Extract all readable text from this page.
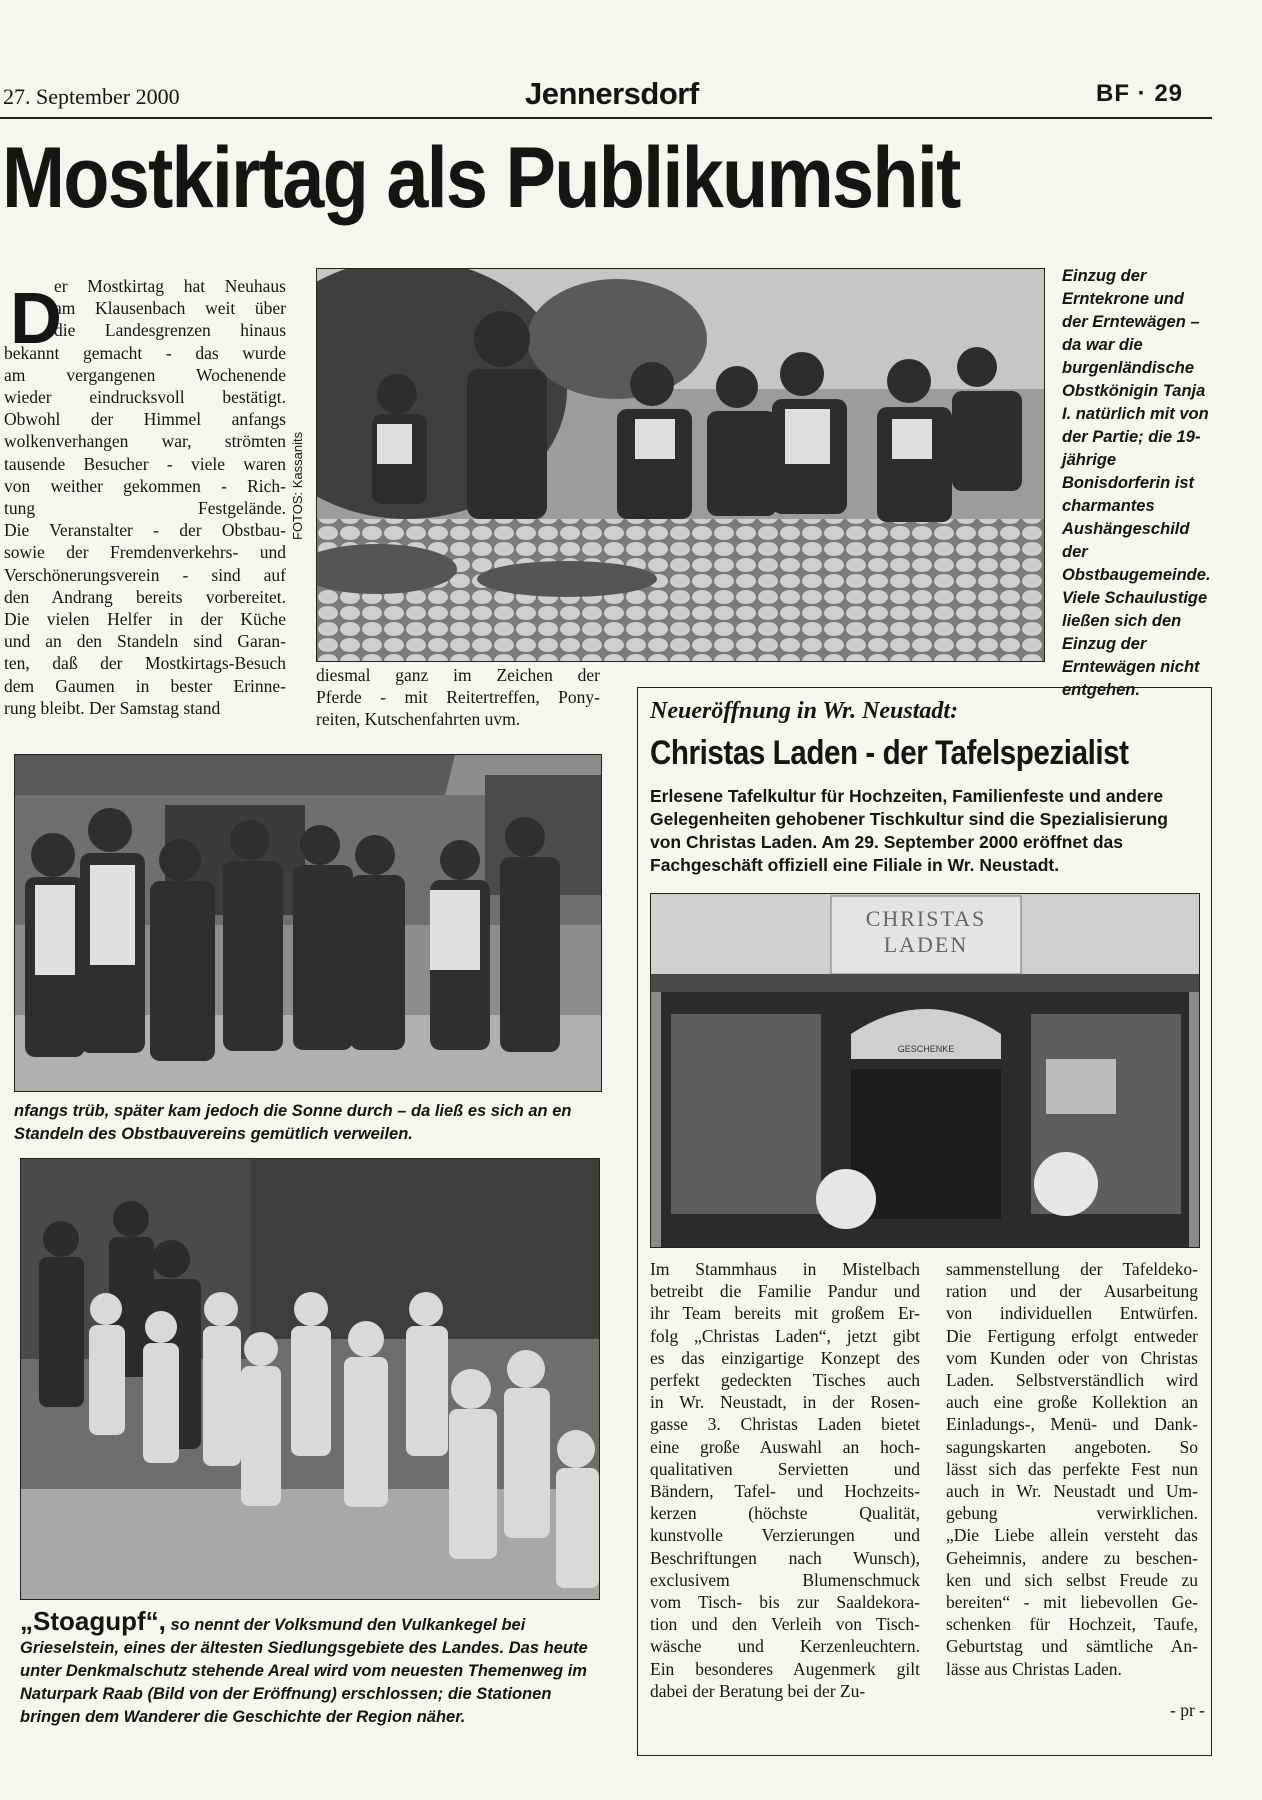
27. September 2000	Jennersdorf	BF · 29
Mostkirtag als Publikumshit
D
er Mostkirtag hat Neuhaus
am Klausenbach weit über
die Landesgrenzen hinaus
bekannt gemacht - das wurde
am vergangenen Wochenende
wieder eindrucksvoll bestätigt.
Obwohl der Himmel anfangs
wolkenverhangen war, strömten
tausende Besucher - viele waren
von weither gekommen - Rich-
tung Festgelände.
Die Veranstalter - der Obstbau-
sowie der Fremdenverkehrs- und
Verschönerungsverein - sind auf
den Andrang bereits vorbereitet.
Die vielen Helfer in der Küche
und an den Standeln sind Garan-
ten, daß der Mostkirtags-Besuch
dem Gaumen in bester Erinne-
rung bleibt. Der Samstag stand
FOTOS: Kassanits
Einzug der Erntekrone und der Erntewägen – da war die burgenländische Obstkönigin Tanja I. natürlich mit von der Partie; die 19-jährige Bonisdorferin ist charmantes Aushängeschild der Obstbaugemeinde. Viele Schaulustige ließen sich den Einzug der Erntewägen nicht entgehen.
diesmal ganz im Zeichen der
Pferde - mit Reitertreffen, Pony-
reiten, Kutschenfahrten uvm.
nfangs trüb, später kam jedoch die Sonne durch – da ließ es sich an en Standeln des Obstbauvereins gemütlich verweilen.
„Stoagupf“, so nennt der Volksmund den Vulkankegel bei Grieselstein, eines der ältesten Siedlungsgebiete des Landes. Das heute unter Denkmalschutz stehende Areal wird vom neuesten Themenweg im Naturpark Raab (Bild von der Eröffnung) erschlossen; die Stationen bringen dem Wanderer die Geschichte der Region näher.
Neueröffnung in Wr. Neustadt:
Christas Laden - der Tafelspezialist
Erlesene Tafelkultur für Hochzeiten, Familienfeste und andere Gelegenheiten gehobener Tischkultur sind die Spezialisierung von Christas Laden. Am 29. September 2000 eröffnet das Fachgeschäft offiziell eine Filiale in Wr. Neustadt.
CHRISTAS
LADEN
GESCHENKE
Im Stammhaus in Mistelbach
betreibt die Familie Pandur und
ihr Team bereits mit großem Er-
folg „Christas Laden“, jetzt gibt
es das einzigartige Konzept des
perfekt gedeckten Tisches auch
in Wr. Neustadt, in der Rosen-
gasse 3. Christas Laden bietet
eine große Auswahl an hoch-
qualitativen Servietten und
Bändern, Tafel- und Hochzeits-
kerzen (höchste Qualität,
kunstvolle Verzierungen und
Beschriftungen nach Wunsch),
exclusivem Blumenschmuck
vom Tisch- bis zur Saaldekora-
tion und den Verleih von Tisch-
wäsche und Kerzenleuchtern.
Ein besonderes Augenmerk gilt
dabei der Beratung bei der Zu-
sammenstellung der Tafeldeko-
ration und der Ausarbeitung
von individuellen Entwürfen.
Die Fertigung erfolgt entweder
vom Kunden oder von Christas
Laden. Selbstverständlich wird
auch eine große Kollektion an
Einladungs-, Menü- und Dank-
sagungskarten angeboten. So
lässt sich das perfekte Fest nun
auch in Wr. Neustadt und Um-
gebung verwirklichen.
„Die Liebe allein versteht das
Geheimnis, andere zu beschen-
ken und sich selbst Freude zu
bereiten“ - mit liebevollen Ge-
schenken für Hochzeit, Taufe,
Geburtstag und sämtliche An-
lässe aus Christas Laden.
- pr -
